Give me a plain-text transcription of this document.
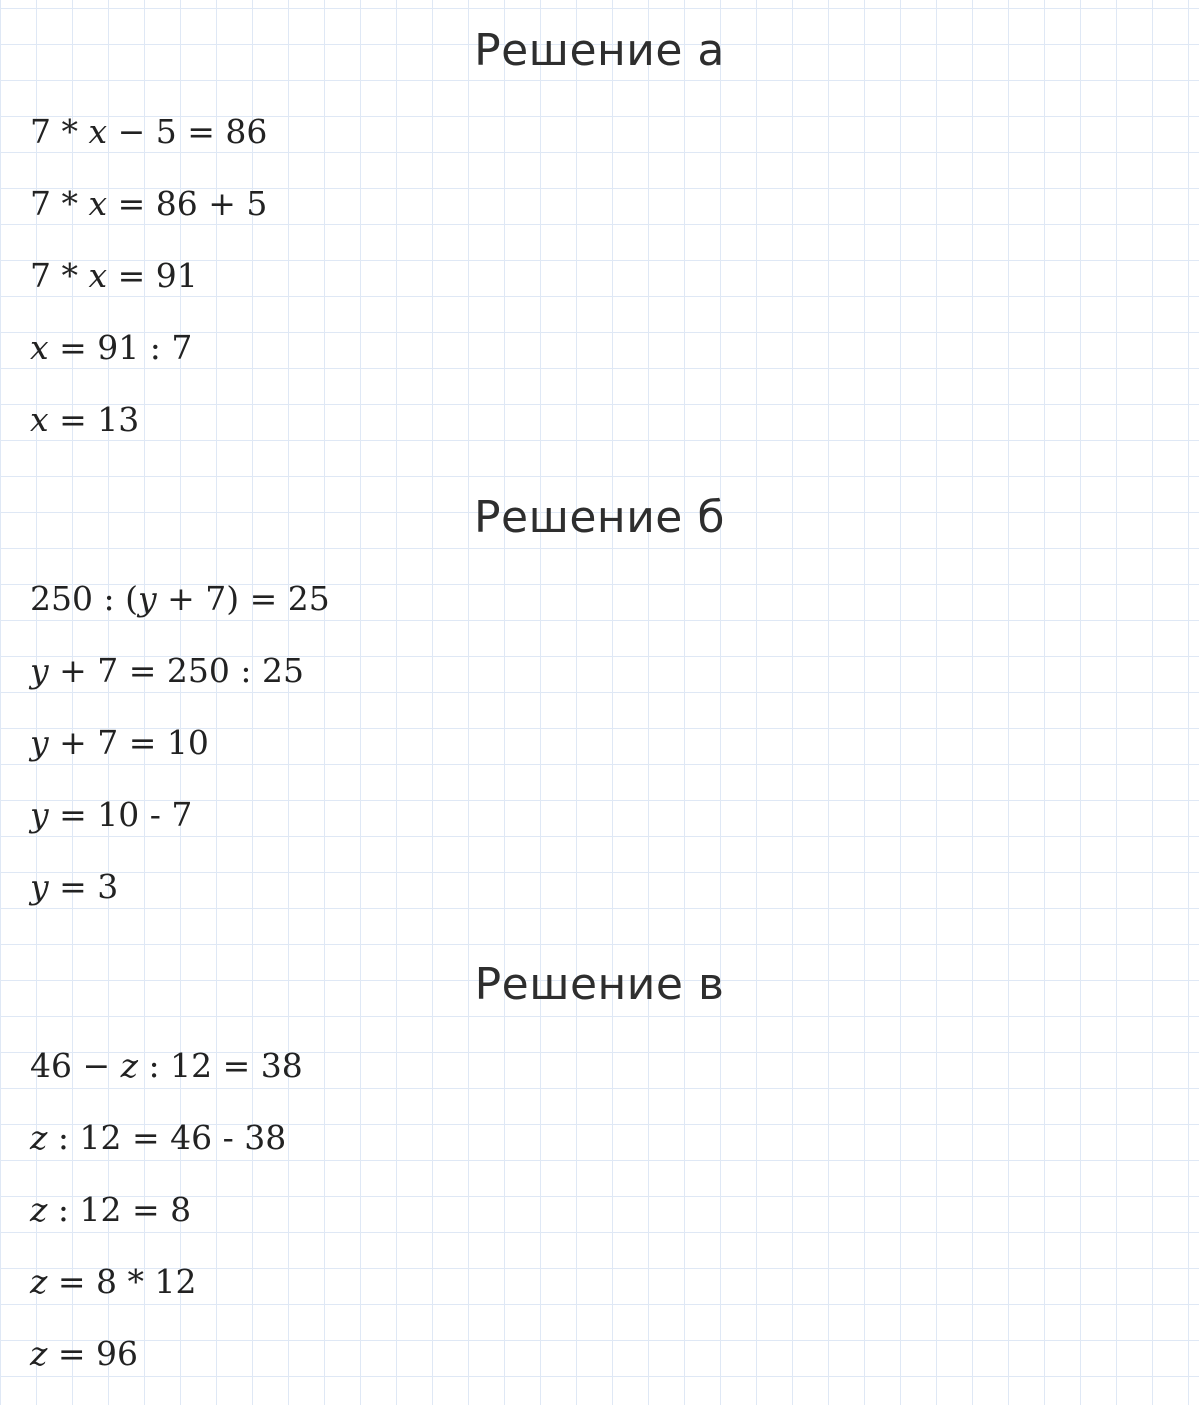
Решение а
7 * 𝑥 − 5 = 86
7 * 𝑥 = 86 + 5
7 * 𝑥 = 91
𝑥 = 91 : 7
𝑥 = 13
Решение б
250 : (𝑦 + 7) = 25
𝑦 + 7 = 250 : 25
𝑦 + 7 = 10
𝑦 = 10 - 7
𝑦 = 3
Решение в
46 − 𝑧 : 12 = 38
𝑧 : 12 = 46 - 38
𝑧 : 12 = 8
𝑧 = 8 * 12
𝑧 = 96
